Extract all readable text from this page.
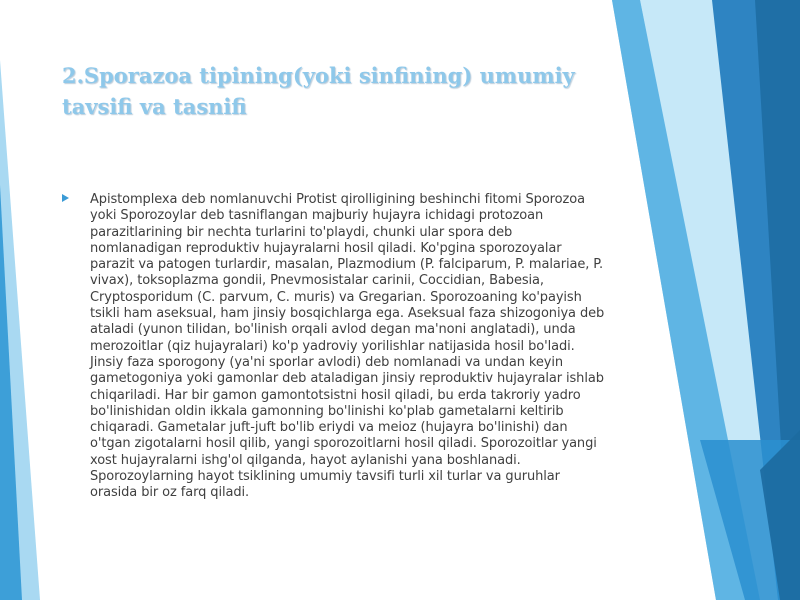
2.Sporazoa tipining(yoki sinfining) umumiy tavsifi va tasnifi

Apistomplexa deb nomlanuvchi Protist qirolligining beshinchi fitomi Sporozoa yoki Sporozoylar deb tasniflangan majburiy hujayra ichidagi protozoan parazitlarining bir nechta turlarini to'playdi, chunki ular spora deb nomlanadigan reproduktiv hujayralarni hosil qiladi. Ko'pgina sporozoyalar parazit va patogen turlardir, masalan, Plazmodium (P. falciparum, P. malariae, P. vivax), toksoplazma gondii, Pnevmosistalar carinii, Coccidian, Babesia, Cryptosporidum (C. parvum, C. muris) va Gregarian. Sporozoaning ko'payish tsikli ham aseksual, ham jinsiy bosqichlarga ega. Aseksual faza shizogoniya deb ataladi (yunon tilidan, bo'linish orqali avlod degan ma'noni anglatadi), unda merozoitlar (qiz hujayralari) ko'p yadroviy yorilishlar natijasida hosil bo'ladi. Jinsiy faza sporogony (ya'ni sporlar avlodi) deb nomlanadi va undan keyin gametogoniya yoki gamonlar deb ataladigan jinsiy reproduktiv hujayralar ishlab chiqariladi. Har bir gamon gamontotsistni hosil qiladi, bu erda takroriy yadro bo'linishidan oldin ikkala gamonning bo'linishi ko'plab gametalarni keltirib chiqaradi. Gametalar juft-juft bo'lib eriydi va meioz (hujayra bo'linishi) dan o'tgan zigotalarni hosil qilib, yangi sporozoitlarni hosil qiladi. Sporozoitlar yangi xost hujayralarni ishg'ol qilganda, hayot aylanishi yana boshlanadi. Sporozoylarning hayot tsiklining umumiy tavsifi turli xil turlar va guruhlar orasida bir oz farq qiladi.
